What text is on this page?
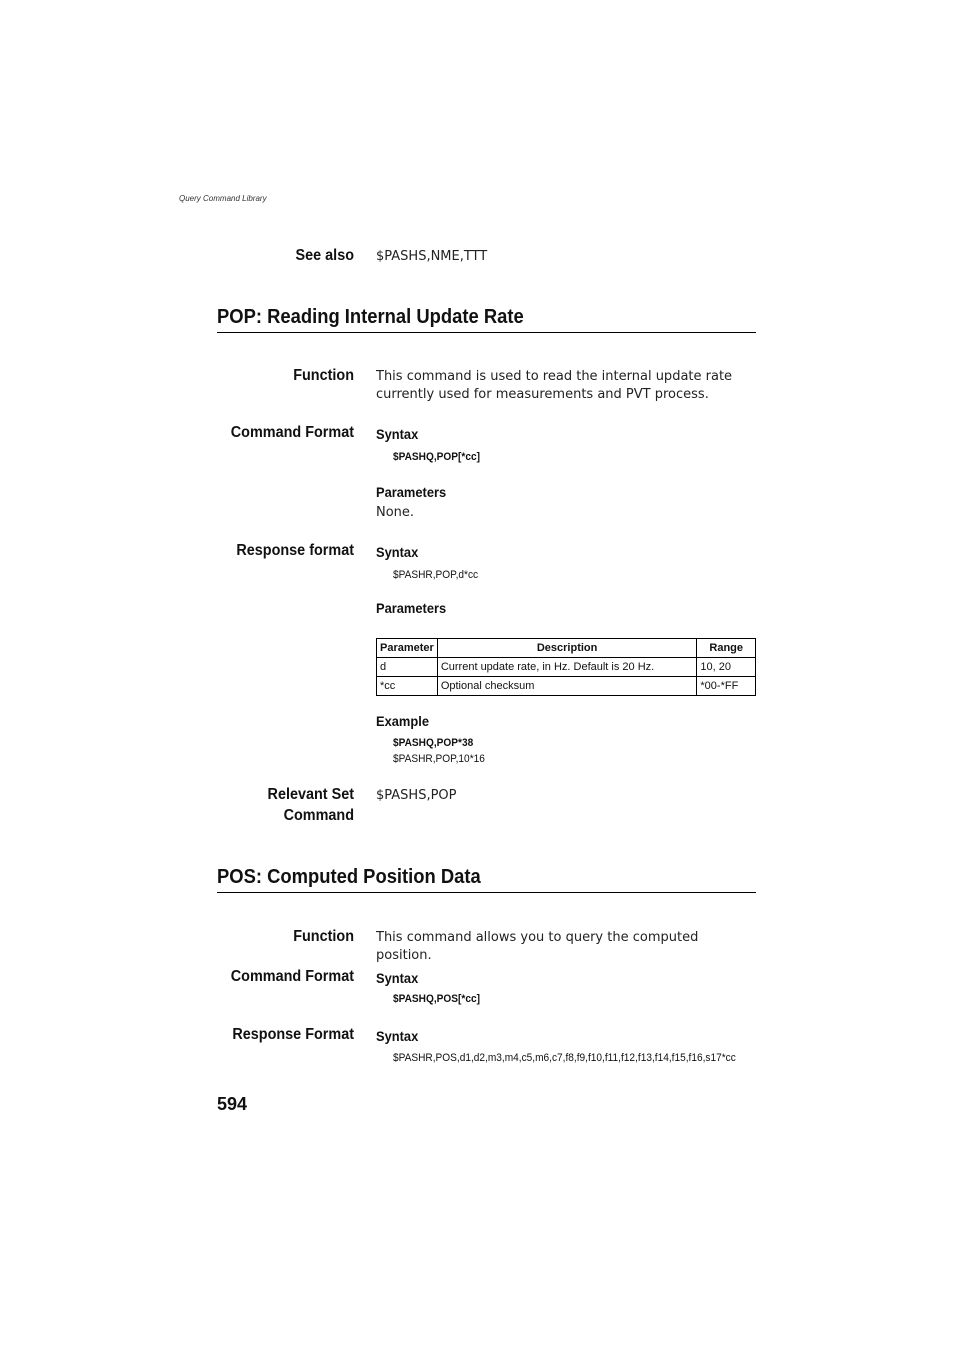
Query Command Library
See also $PASHS,NME,TTT
POP: Reading Internal Update Rate
Function This command is used to read the internal update rate currently used for measurements and PVT process.
Command Format Syntax
$PASHQ,POP[*cc]
Parameters
None.
Response format Syntax
$PASHR,POP,d*cc
Parameters
Parameter	Description	Range
d	Current update rate, in Hz. Default is 20 Hz.	10, 20
*cc	Optional checksum	*00-*FF
Example
$PASHQ,POP*38
$PASHR,POP,10*16
Relevant Set
Command
$PASHS,POP
POS: Computed Position Data
Function This command allows you to query the computed position.
Command Format Syntax
$PASHQ,POS[*cc]
Response Format Syntax
$PASHR,POS,d1,d2,m3,m4,c5,m6,c7,f8,f9,f10,f11,f12,f13,f14,f15,f16,s17*cc
594
